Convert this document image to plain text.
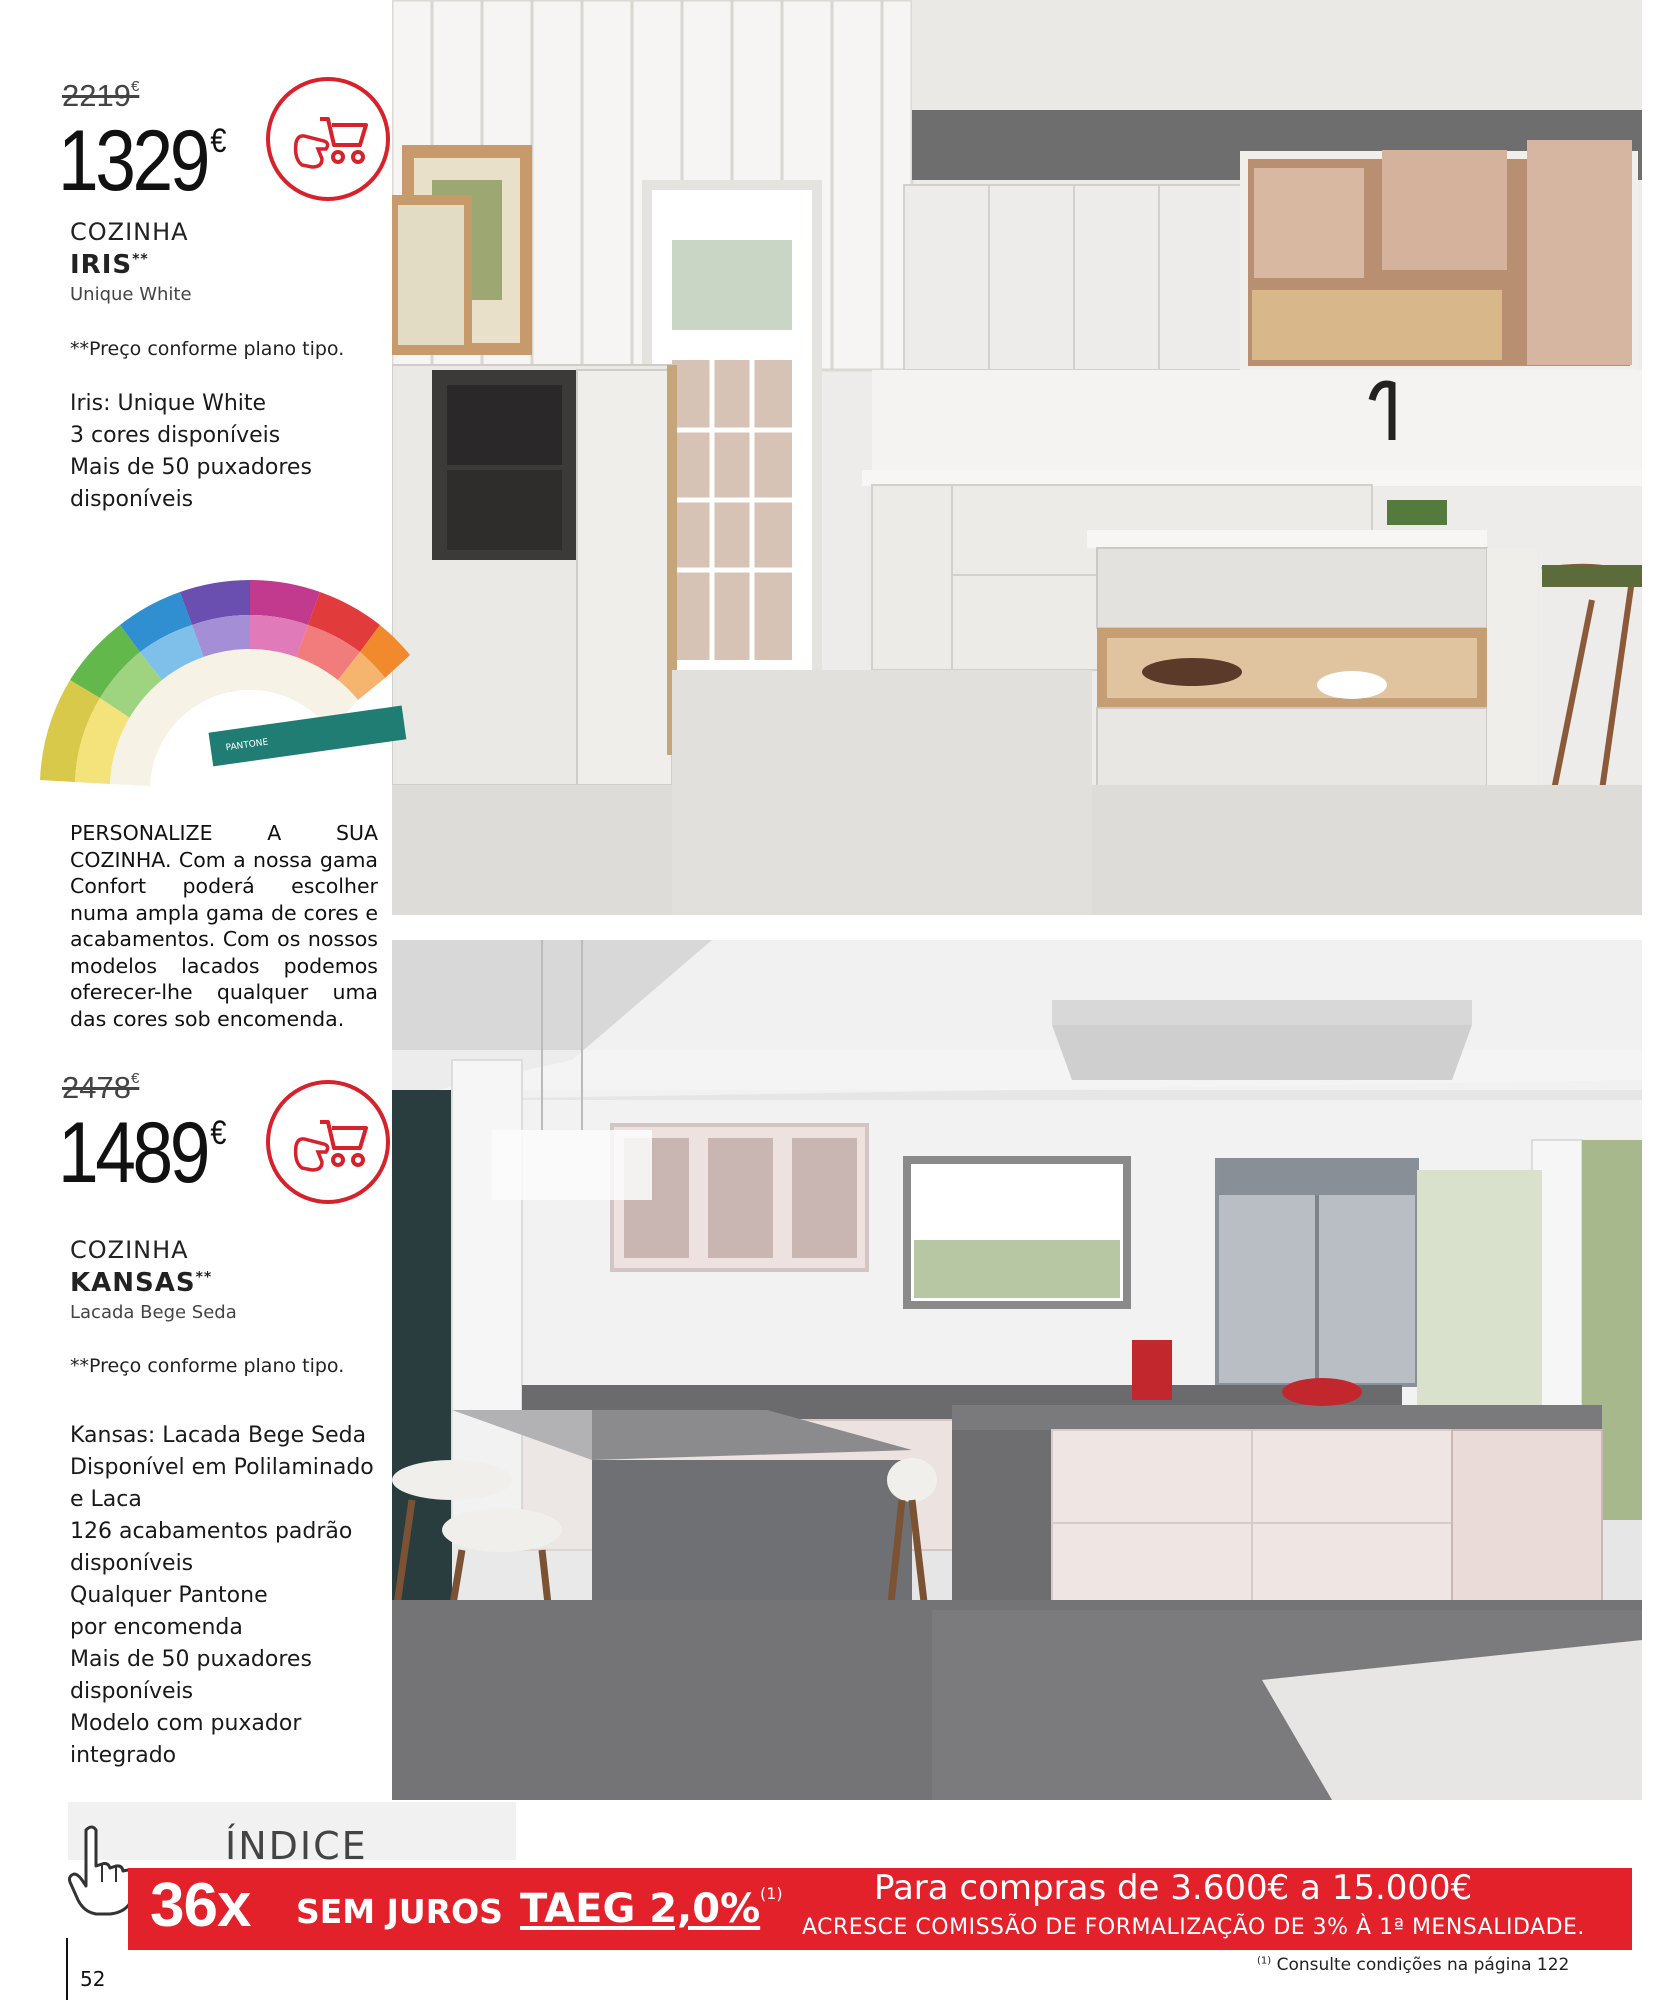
2219€
1329€
COZINHA
IRIS**
Unique White
**Preço conforme plano tipo.
Iris: Unique White
3 cores disponíveis
Mais de 50 puxadores
disponíveis
PANTONE
PERSONALIZE A SUA COZINHA. Com a nossa gama Confort poderá escolher numa ampla gama de cores e acabamentos. Com os nossos modelos lacados podemos oferecer-lhe qualquer uma das cores sob encomenda.
2478€
1489€
COZINHA
KANSAS**
Lacada Bege Seda
**Preço conforme plano tipo.
Kansas: Lacada Bege Seda
Disponível em Polilaminado
e Laca
126 acabamentos padrão
disponíveis
Qualquer Pantone
por encomenda
Mais de 50 puxadores
disponíveis
Modelo com puxador
integrado
ÍNDICE
36x SEM JUROS TAEG 2,0% (1)	Para compras de 3.600€ a 15.000€
ACRESCE COMISSÃO DE FORMALIZAÇÃO DE 3% À 1ª MENSALIDADE.
$^{(1)}$ Consulte condições na página 122
52
